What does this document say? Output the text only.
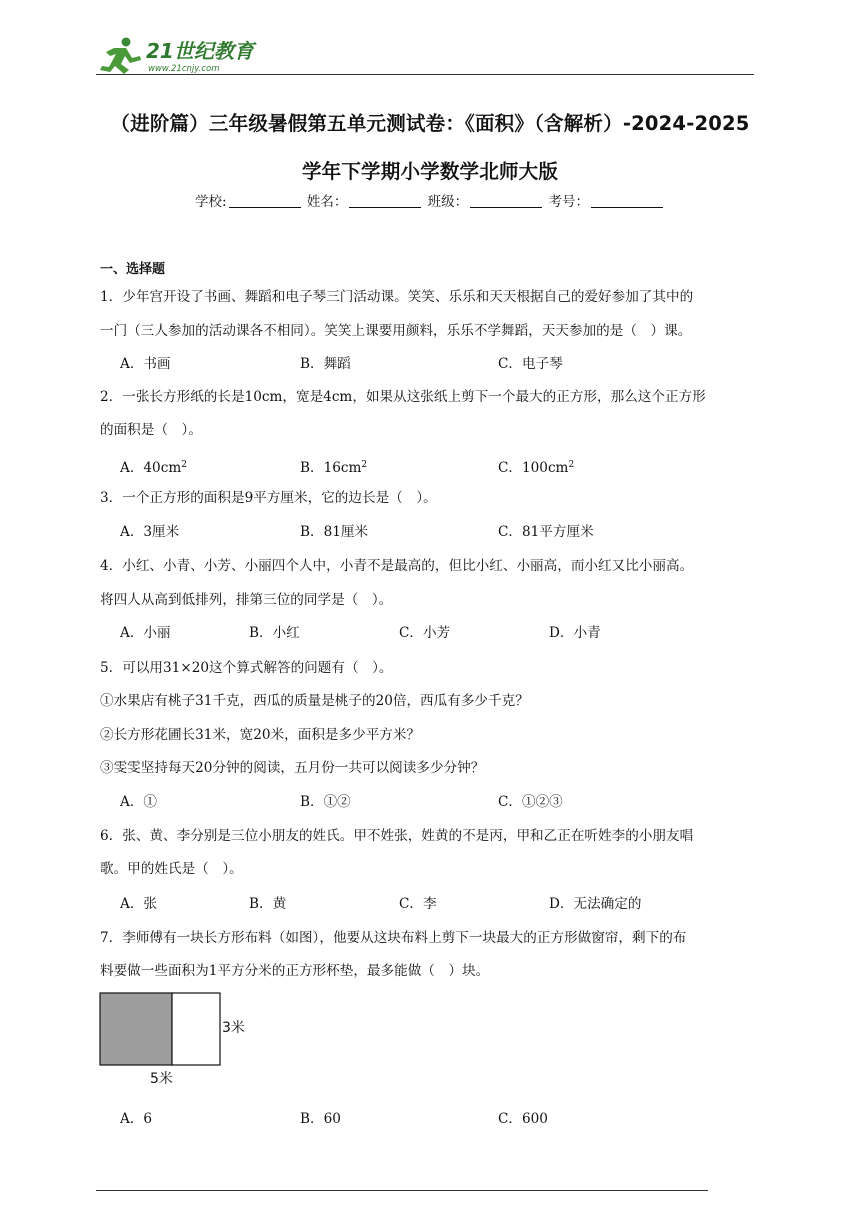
21世纪教育
www.21cnjy.com
（进阶篇）三年级暑假第五单元测试卷：《面积》（含解析）-2024-2025
学年下学期小学数学北师大版
学校:	姓名：	班级：	考号：
一、选择题
1．少年宫开设了书画、舞蹈和电子琴三门活动课。笑笑、乐乐和天天根据自己的爱好参加了其中的
一门（三人参加的活动课各不相同）。笑笑上课要用颜料，乐乐不学舞蹈，天天参加的是（　）课。
A．书画	B．舞蹈	C．电子琴
2．一张长方形纸的长是10cm，宽是4cm，如果从这张纸上剪下一个最大的正方形，那么这个正方形
的面积是（　）。
A．$40cm^2$	B．$16cm^2$	C．$100cm^2$
3．一个正方形的面积是9平方厘米，它的边长是（　）。
A．3厘米	B．81厘米	C．81平方厘米
4．小红、小青、小芳、小丽四个人中，小青不是最高的，但比小红、小丽高，而小红又比小丽高。
将四人从高到低排列，排第三位的同学是（　）。
A．小丽	B．小红	C．小芳	D．小青
5．可以用31×20这个算式解答的问题有（　）。
①水果店有桃子31千克，西瓜的质量是桃子的20倍，西瓜有多少千克？
②长方形花圃长31米，宽20米，面积是多少平方米？
③雯雯坚持每天20分钟的阅读，五月份一共可以阅读多少分钟？
A．①	B．①②	C．①②③
6．张、黄、李分别是三位小朋友的姓氏。甲不姓张，姓黄的不是丙，甲和乙正在听姓李的小朋友唱
歌。甲的姓氏是（　）。
A．张	B．黄	C．李	D．无法确定的
7．李师傅有一块长方形布料（如图），他要从这块布料上剪下一块最大的正方形做窗帘，剩下的布
料要做一些面积为1平方分米的正方形杯垫，最多能做（　）块。
3米
5米
A．6	B．60	C．600
